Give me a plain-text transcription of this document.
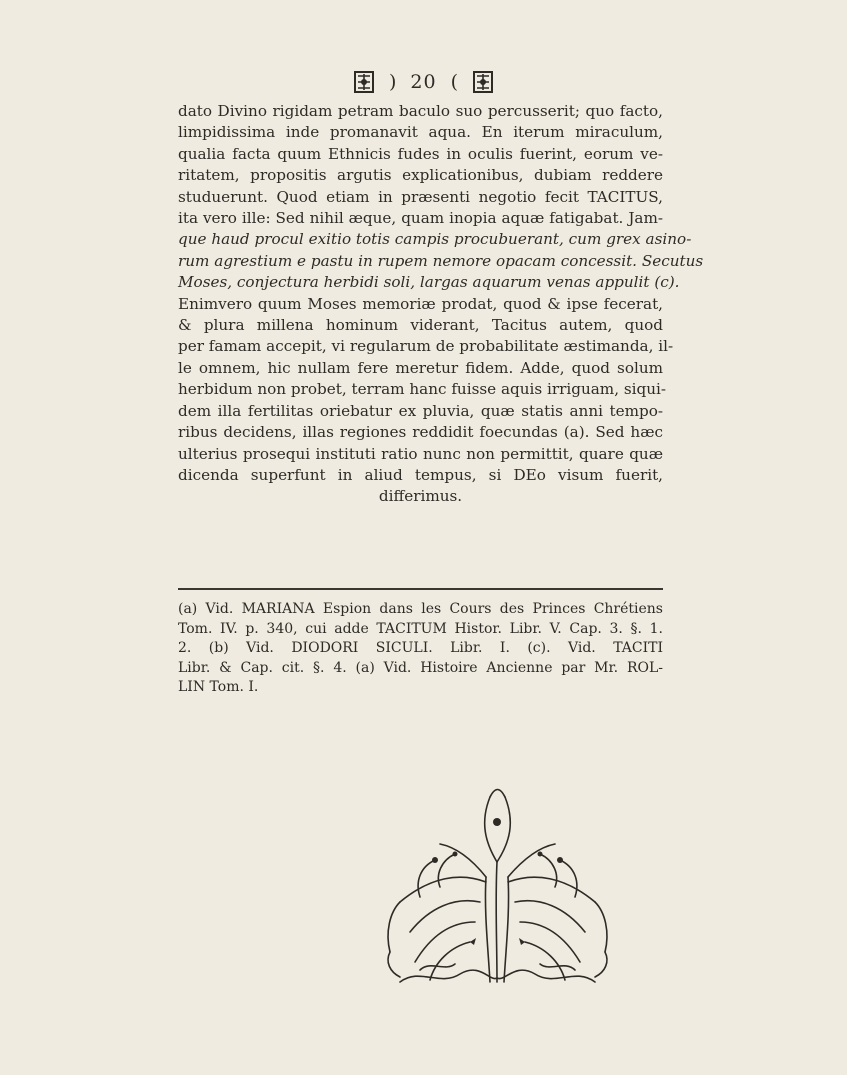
) 20 (
dato Divino rigidam petram baculo suo percusserit; quo facto,
limpidissima inde promanavit aqua. En iterum miraculum,
qualia facta quum Ethnicis fudes in oculis fuerint, eorum ve-
ritatem, propositis argutis explicationibus, dubiam reddere
studuerunt. Quod etiam in præsenti negotio fecit TACITUS,
ita vero ille: Sed nihil æque, quam inopia aquæ fatigabat. Jam-
que haud procul exitio totis campis procubuerant, cum grex asino-
rum agrestium e pastu in rupem nemore opacam concessit. Secutus
Moses, conjectura herbidi soli, largas aquarum venas appulit (c).
Enimvero quum Moses memoriæ prodat, quod & ipse fecerat,
& plura millena hominum viderant, Tacitus autem, quod
per famam accepit, vi regularum de probabilitate æstimanda, il-
le omnem, hic nullam fere meretur fidem. Adde, quod solum
herbidum non probet, terram hanc fuisse aquis irriguam, siqui-
dem illa fertilitas oriebatur ex pluvia, quæ statis anni tempo-
ribus decidens, illas regiones reddidit foecundas (a). Sed hæc
ulterius prosequi instituti ratio nunc non permittit, quare quæ
dicenda superfunt in aliud tempus, si DEo visum fuerit,
differimus.
(a) Vid. MARIANA Espion dans les Cours des Princes Chrétiens
Tom. IV. p. 340, cui adde TACITUM Histor. Libr. V. Cap. 3. §. 1.
2. (b) Vid. DIODORI SICULI. Libr. I. (c). Vid. TACITI
Libr. & Cap. cit. §. 4. (a) Vid. Histoire Ancienne par Mr. ROL-
LIN Tom. I.
